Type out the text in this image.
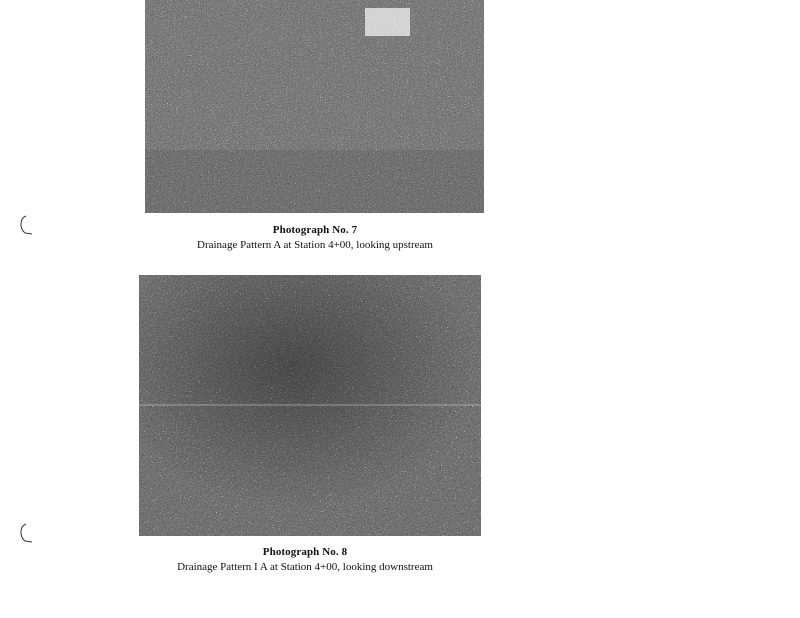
Photograph No. 7
Drainage Pattern A at Station 4+00, looking upstream
Photograph No. 8
Drainage Pattern I A at Station 4+00, looking downstream
